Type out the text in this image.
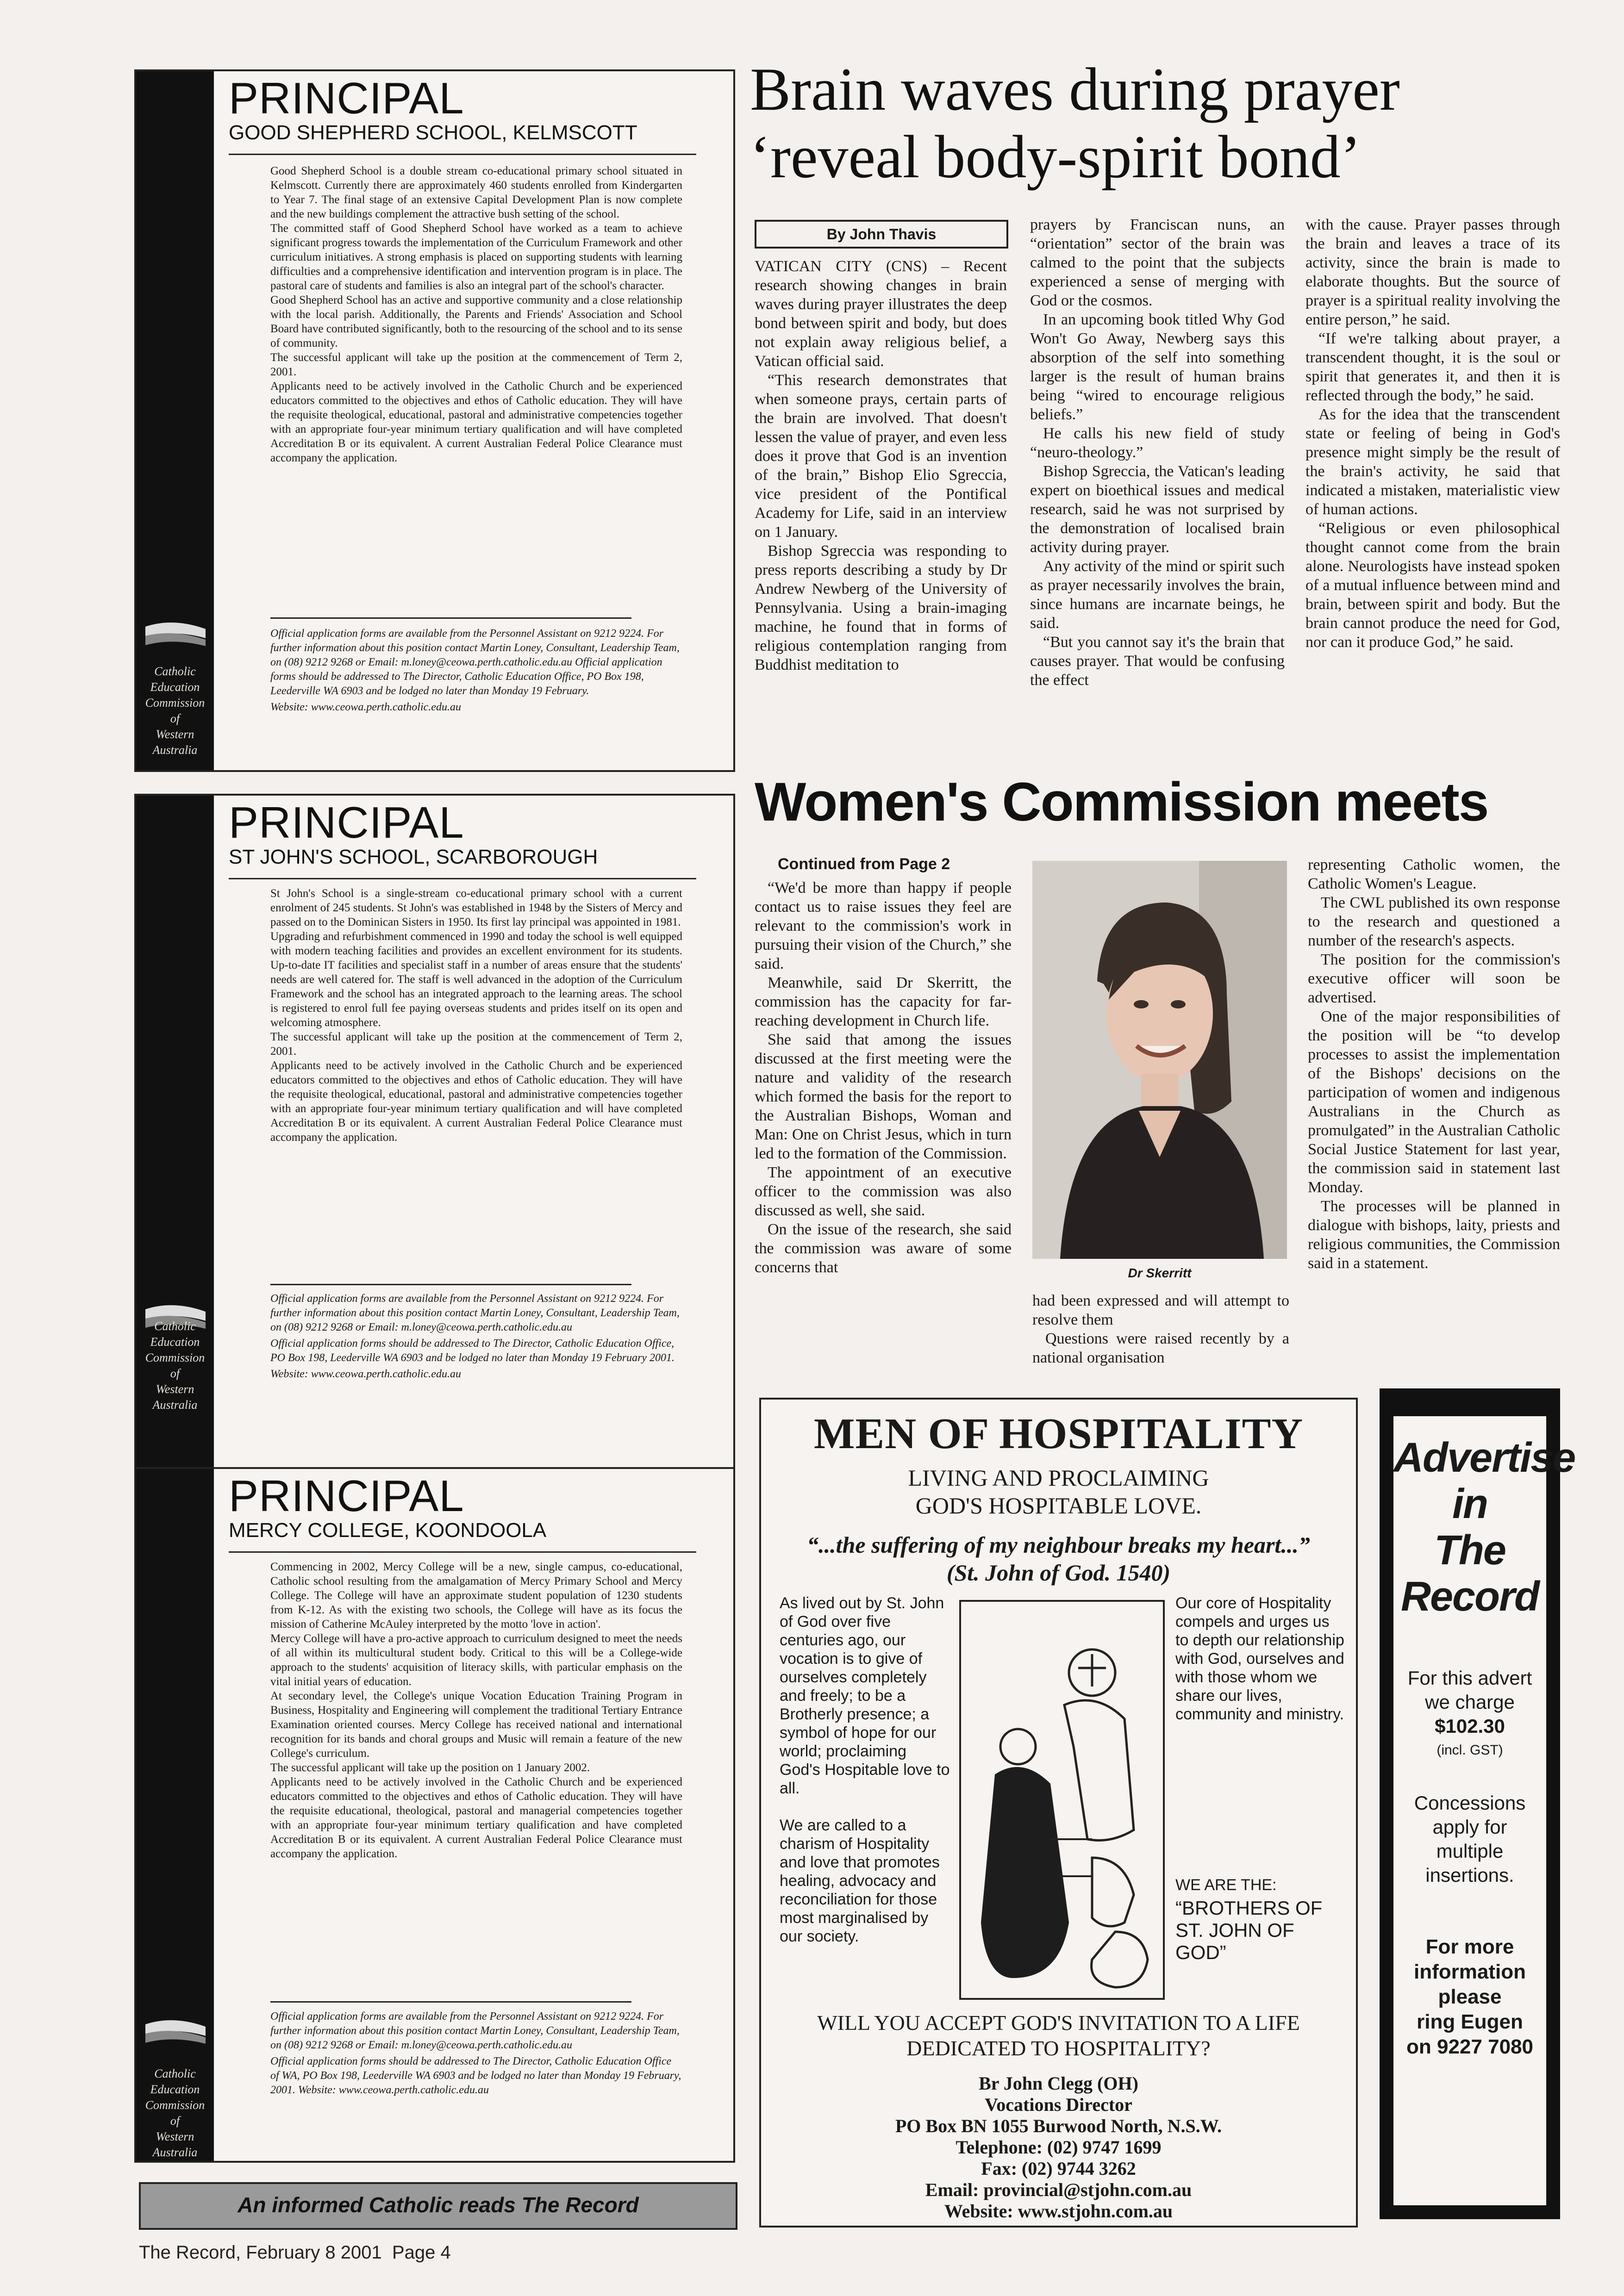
Catholic
Education
Commission
of
Western
Australia
PRINCIPAL
GOOD SHEPHERD SCHOOL, KELMSCOTT

Good Shepherd School is a double stream co-educational primary school situated in Kelmscott. Currently there are approximately 460 students enrolled from Kindergarten to Year 7. The final stage of an extensive Capital Development Plan is now complete and the new buildings complement the attractive bush setting of the school.

The committed staff of Good Shepherd School have worked as a team to achieve significant progress towards the implementation of the Curriculum Framework and other curriculum initiatives. A strong emphasis is placed on supporting students with learning difficulties and a comprehensive identification and intervention program is in place. The pastoral care of students and families is also an integral part of the school's character.

Good Shepherd School has an active and supportive community and a close relationship with the local parish. Additionally, the Parents and Friends' Association and School Board have contributed significantly, both to the resourcing of the school and to its sense of community.

The successful applicant will take up the position at the commencement of Term 2, 2001.

Applicants need to be actively involved in the Catholic Church and be experienced educators committed to the objectives and ethos of Catholic education. They will have the requisite theological, educational, pastoral and administrative competencies together with an appropriate four-year minimum tertiary qualification and will have completed Accreditation B or its equivalent. A current Australian Federal Police Clearance must accompany the application.

Official application forms are available from the Personnel Assistant on 9212 9224. For further information about this position contact Martin Loney, Consultant, Leadership Team, on (08) 9212 9268 or Email: m.loney@ceowa.perth.catholic.edu.au Official application forms should be addressed to The Director, Catholic Education Office, PO Box 198, Leederville WA 6903 and be lodged no later than Monday 19 February.

Website: www.ceowa.perth.catholic.edu.au

Catholic
Education
Commission
of
Western
Australia
PRINCIPAL
ST JOHN'S SCHOOL, SCARBOROUGH

St John's School is a single-stream co-educational primary school with a current enrolment of 245 students. St John's was established in 1948 by the Sisters of Mercy and passed on to the Dominican Sisters in 1950. Its first lay principal was appointed in 1981.

Upgrading and refurbishment commenced in 1990 and today the school is well equipped with modern teaching facilities and provides an excellent environment for its students. Up-to-date IT facilities and specialist staff in a number of areas ensure that the students' needs are well catered for. The staff is well advanced in the adoption of the Curriculum Framework and the school has an integrated approach to the learning areas. The school is registered to enrol full fee paying overseas students and prides itself on its open and welcoming atmosphere.

The successful applicant will take up the position at the commencement of Term 2, 2001.

Applicants need to be actively involved in the Catholic Church and be experienced educators committed to the objectives and ethos of Catholic education. They will have the requisite theological, educational, pastoral and administrative competencies together with an appropriate four-year minimum tertiary qualification and will have completed Accreditation B or its equivalent. A current Australian Federal Police Clearance must accompany the application.

Official application forms are available from the Personnel Assistant on 9212 9224. For further information about this position contact Martin Loney, Consultant, Leadership Team, on (08) 9212 9268 or Email: m.loney@ceowa.perth.catholic.edu.au

Official application forms should be addressed to The Director, Catholic Education Office, PO Box 198, Leederville WA 6903 and be lodged no later than Monday 19 February 2001.

Website: www.ceowa.perth.catholic.edu.au

Catholic
Education
Commission
of
Western
Australia
PRINCIPAL
MERCY COLLEGE, KOONDOOLA

Commencing in 2002, Mercy College will be a new, single campus, co-educational, Catholic school resulting from the amalgamation of Mercy Primary School and Mercy College. The College will have an approximate student population of 1230 students from K-12. As with the existing two schools, the College will have as its focus the mission of Catherine McAuley interpreted by the motto 'love in action'.

Mercy College will have a pro-active approach to curriculum designed to meet the needs of all within its multicultural student body. Critical to this will be a College-wide approach to the students' acquisition of literacy skills, with particular emphasis on the vital initial years of education.

At secondary level, the College's unique Vocation Education Training Program in Business, Hospitality and Engineering will complement the traditional Tertiary Entrance Examination oriented courses. Mercy College has received national and international recognition for its bands and choral groups and Music will remain a feature of the new College's curriculum.

The successful applicant will take up the position on 1 January 2002.

Applicants need to be actively involved in the Catholic Church and be experienced educators committed to the objectives and ethos of Catholic education. They will have the requisite educational, theological, pastoral and managerial competencies together with an appropriate four-year minimum tertiary qualification and have completed Accreditation B or its equivalent. A current Australian Federal Police Clearance must accompany the application.

Official application forms are available from the Personnel Assistant on 9212 9224. For further information about this position contact Martin Loney, Consultant, Leadership Team, on (08) 9212 9268 or Email: m.loney@ceowa.perth.catholic.edu.au

Official application forms should be addressed to The Director, Catholic Education Office of WA, PO Box 198, Leederville WA 6903 and be lodged no later than Monday 19 February, 2001. Website: www.ceowa.perth.catholic.edu.au

An informed Catholic reads The Record
The Record, February 8 2001  Page 4
Brain waves during prayer
‘reveal body-spirit bond’
By John Thavis

VATICAN CITY (CNS) – Recent research showing changes in brain waves during prayer illustrates the deep bond between spirit and body, but does not explain away religious belief, a Vatican official said.

“This research demonstrates that when someone prays, certain parts of the brain are involved. That doesn't lessen the value of prayer, and even less does it prove that God is an invention of the brain,” Bishop Elio Sgreccia, vice president of the Pontifical Academy for Life, said in an interview on 1 January.

Bishop Sgreccia was responding to press reports describing a study by Dr Andrew Newberg of the University of Pennsylvania. Using a brain-imaging machine, he found that in forms of religious contemplation ranging from Buddhist meditation to

prayers by Franciscan nuns, an “orientation” sector of the brain was calmed to the point that the subjects experienced a sense of merging with God or the cosmos.

In an upcoming book titled Why God Won't Go Away, Newberg says this absorption of the self into something larger is the result of human brains being “wired to encourage religious beliefs.”

He calls his new field of study “neuro-theology.”

Bishop Sgreccia, the Vatican's leading expert on bioethical issues and medical research, said he was not surprised by the demonstration of localised brain activity during prayer.

Any activity of the mind or spirit such as prayer necessarily involves the brain, since humans are incarnate beings, he said.

“But you cannot say it's the brain that causes prayer. That would be confusing the effect

with the cause. Prayer passes through the brain and leaves a trace of its activity, since the brain is made to elaborate thoughts. But the source of prayer is a spiritual reality involving the entire person,” he said.

“If we're talking about prayer, a transcendent thought, it is the soul or spirit that generates it, and then it is reflected through the body,” he said.

As for the idea that the transcendent state or feeling of being in God's presence might simply be the result of the brain's activity, he said that indicated a mistaken, materialistic view of human actions.

“Religious or even philosophical thought cannot come from the brain alone. Neurologists have instead spoken of a mutual influence between mind and brain, between spirit and body. But the brain cannot produce the need for God, nor can it produce God,” he said.

Women's Commission meets
Continued from Page 2

“We'd be more than happy if people contact us to raise issues they feel are relevant to the commission's work in pursuing their vision of the Church,” she said.

Meanwhile, said Dr Skerritt, the commission has the capacity for far-reaching development in Church life.

She said that among the issues discussed at the first meeting were the nature and validity of the research which formed the basis for the report to the Australian Bishops, Woman and Man: One on Christ Jesus, which in turn led to the formation of the Commission.

The appointment of an executive officer to the commission was also discussed as well, she said.

On the issue of the research, she said the commission was aware of some concerns that	Dr Skerritt

had been expressed and will attempt to resolve them

Questions were raised recently by a national organisation

representing Catholic women, the Catholic Women's League.

The CWL published its own response to the research and questioned a number of the research's aspects.

The position for the commission's executive officer will soon be advertised.

One of the major responsibilities of the position will be “to develop processes to assist the implementation of the Bishops' decisions on the participation of women and indigenous Australians in the Church as promulgated” in the Australian Catholic Social Justice Statement for last year, the commission said in statement last Monday.

The processes will be planned in dialogue with bishops, laity, priests and religious communities, the Commission said in a statement.

MEN OF HOSPITALITY
LIVING AND PROCLAIMING
GOD'S HOSPITABLE LOVE.
“...the suffering of my neighbour breaks my heart...”
(St. John of God. 1540)
As lived out by St. John of God over five centuries ago, our vocation is to give of ourselves completely and freely; to be a Brotherly presence; a symbol of hope for our world; proclaiming God's Hospitable love to all.
We are called to a charism of Hospitality and love that promotes healing, advocacy and reconciliation for those most marginalised by our society.
Our core of Hospitality compels and urges us to depth our relationship with God, ourselves and with those whom we share our lives, community and ministry.
WE ARE THE:
“BROTHERS OF ST. JOHN OF GOD”
WILL YOU ACCEPT GOD'S INVITATION TO A LIFE
DEDICATED TO HOSPITALITY?
Br John Clegg (OH)
Vocations Director
PO Box BN 1055 Burwood North, N.S.W.
Telephone: (02) 9747 1699
Fax: (02) 9744 3262
Email: provincial@stjohn.com.au
Website: www.stjohn.com.au
Advertise
in
The
Record
For this advert
we charge
$102.30
(incl. GST)
Concessions
apply for
multiple
insertions.
For more
information
please
ring Eugen
on 9227 7080
